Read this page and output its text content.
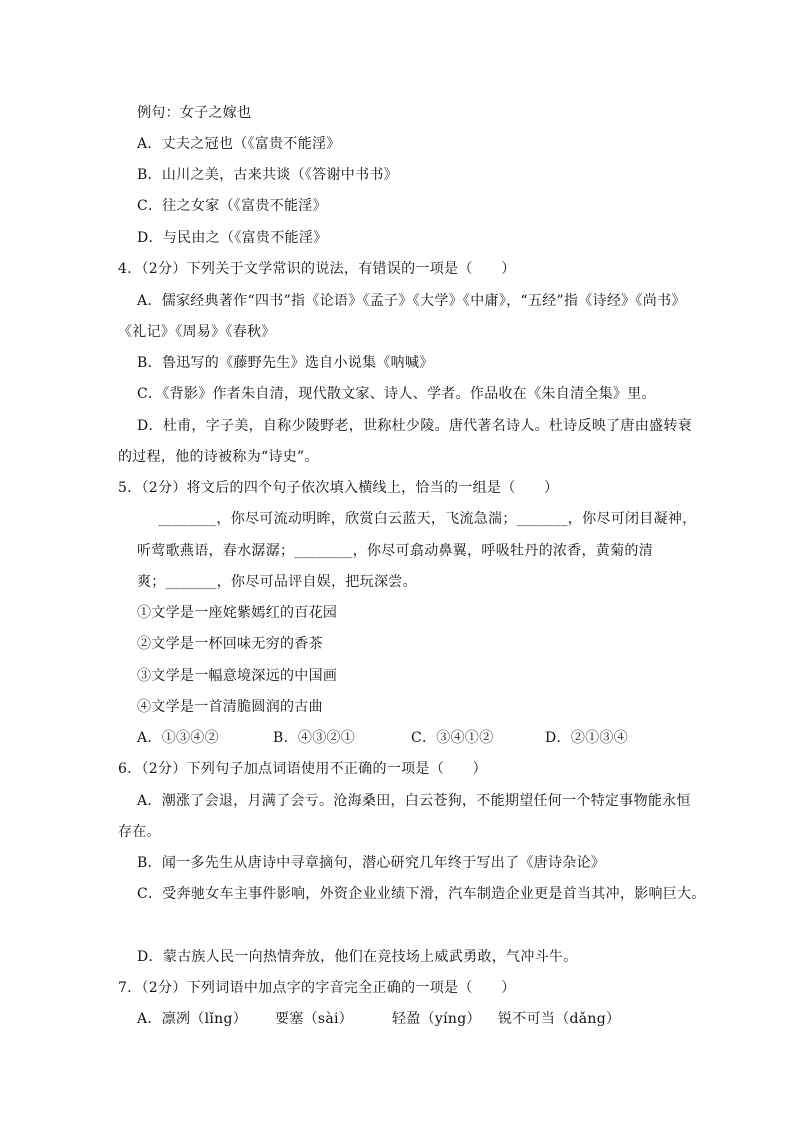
例句：女子之嫁也
A．丈夫之冠也（《富贵不能淫》
B．山川之美，古来共谈（《答谢中书书》
C．往之女家（《富贵不能淫》
D．与民由之（《富贵不能淫》
4．（2分）下列关于文学常识的说法，有错误的一项是（　　）
A．儒家经典著作“四书”指《论语》《孟子》《大学》《中庸》，“五经”指《诗经》《尚书》
《礼记》《周易》《春秋》
B．鲁迅写的《藤野先生》选自小说集《呐喊》
C．《背影》作者朱自清，现代散文家、诗人、学者。作品收在《朱自清全集》里。
D．杜甫，字子美，自称少陵野老，世称杜少陵。唐代著名诗人。杜诗反映了唐由盛转衰
的过程，他的诗被称为“诗史”。
5．（2分）将文后的四个句子依次填入横线上，恰当的一组是（　　）
________，你尽可流动明眸，欣赏白云蓝天，飞流急湍；_______，你尽可闭目凝神，
听莺歌燕语，春水潺潺；________，你尽可翕动鼻翼，呼吸牡丹的浓香，黄菊的清
爽；_______，你尽可品评自娱，把玩深尝。
①文学是一座姹紫嫣红的百花园
②文学是一杯回味无穷的香茶
③文学是一幅意境深远的中国画
④文学是一首清脆圆润的古曲
A．①③④②	B．④③②①	C．③④①②	D．②①③④
6．（2分）下列句子加点词语使用不正确的一项是（　　）
A．潮涨了会退，月满了会亏。沧海桑田，白云苍狗，不能期望任何一个特定事物能永恒
存在。
B．闻一多先生从唐诗中寻章摘句，潜心研究几年终于写出了《唐诗杂论》
C．受奔驰女车主事件影响，外资企业业绩下滑，汽车制造企业更是首当其冲，影响巨大。
D．蒙古族人民一向热情奔放，他们在竞技场上威武勇敢，气冲斗牛。
7．（2分）下列词语中加点字的字音完全正确的一项是（　　）
A．凛冽（lǐng）	要塞（sài）	轻盈（yíng）	锐不可当（dǎng）
